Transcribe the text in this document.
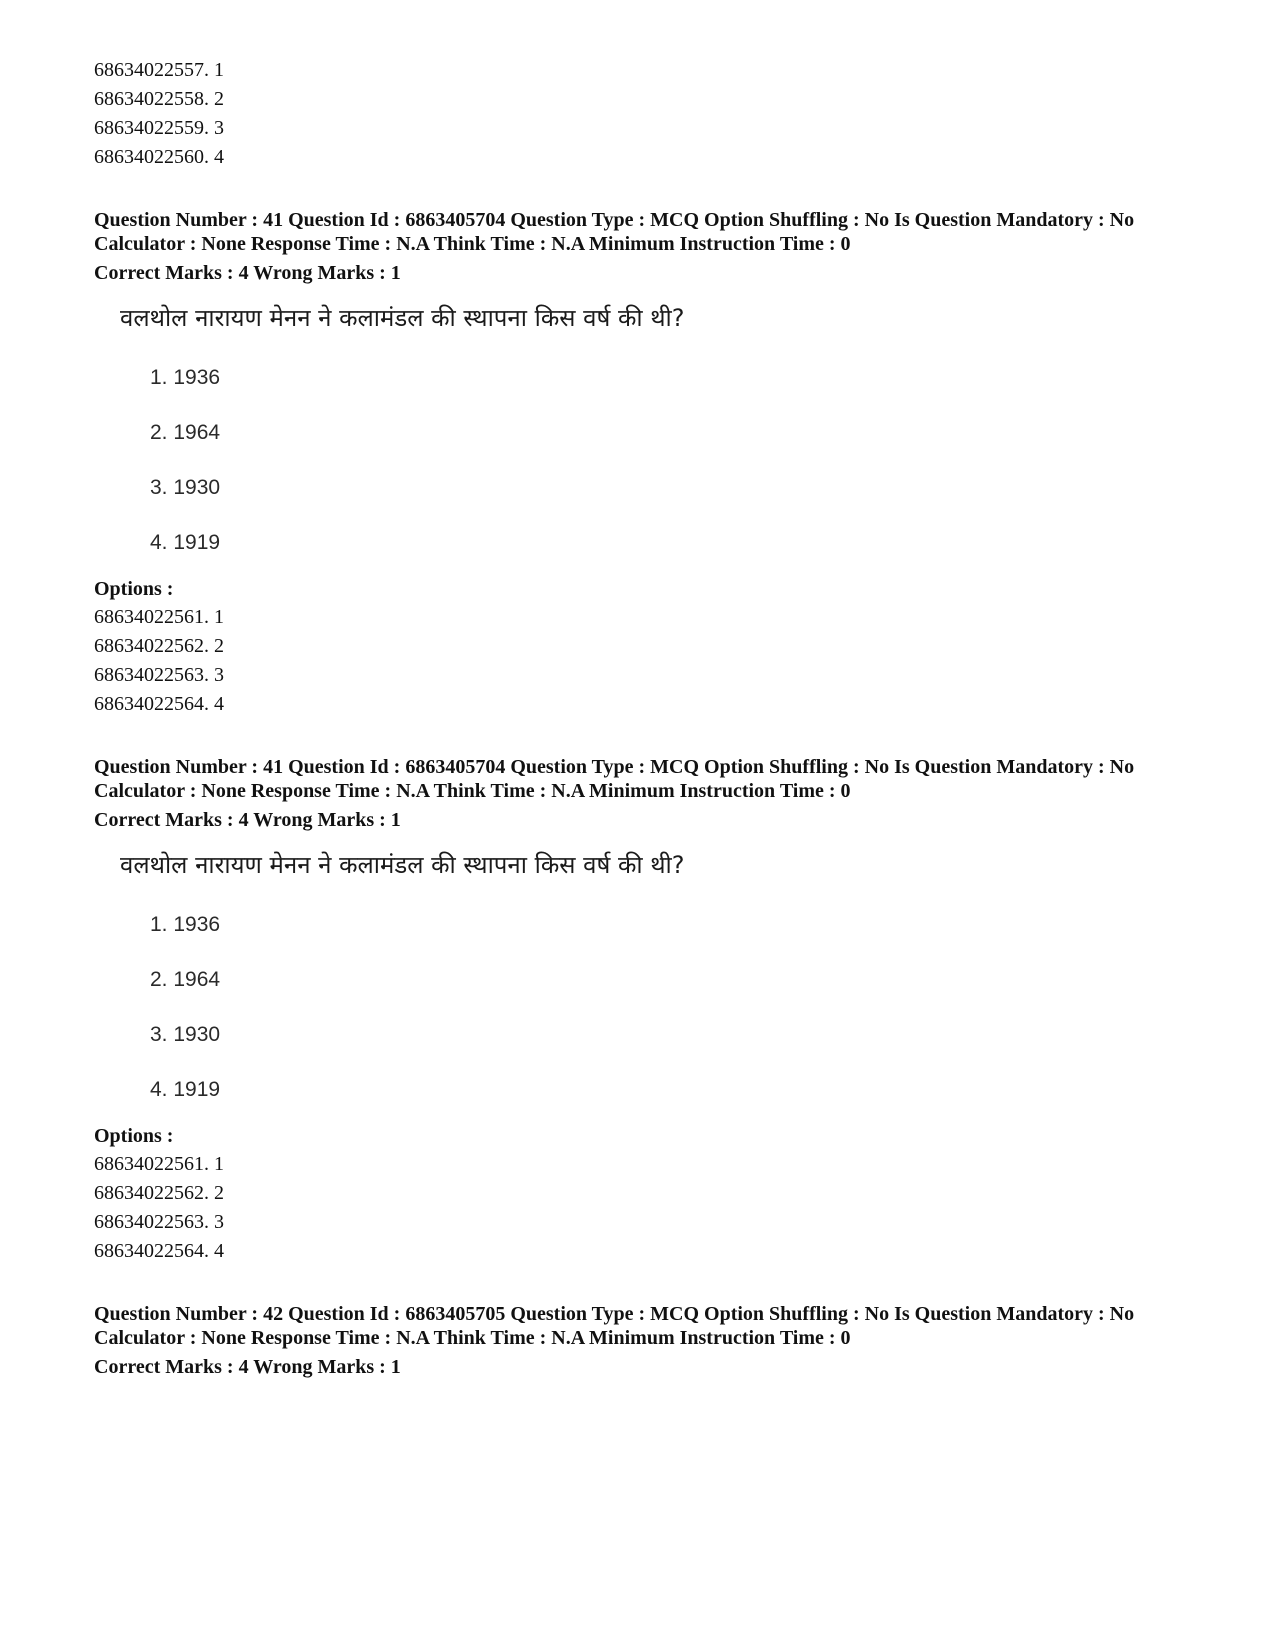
68634022557. 1
68634022558. 2
68634022559. 3
68634022560. 4
Question Number : 41 Question Id : 6863405704 Question Type : MCQ Option Shuffling : No Is Question Mandatory : No Calculator : None Response Time : N.A Think Time : N.A Minimum Instruction Time : 0
Correct Marks : 4 Wrong Marks : 1
वलथोल नारायण मेनन ने कलामंडल की स्थापना किस वर्ष की थी?
1. 1936
2. 1964
3. 1930
4. 1919
Options :
68634022561. 1
68634022562. 2
68634022563. 3
68634022564. 4
Question Number : 41 Question Id : 6863405704 Question Type : MCQ Option Shuffling : No Is Question Mandatory : No Calculator : None Response Time : N.A Think Time : N.A Minimum Instruction Time : 0
Correct Marks : 4 Wrong Marks : 1
वलथोल नारायण मेनन ने कलामंडल की स्थापना किस वर्ष की थी?
1. 1936
2. 1964
3. 1930
4. 1919
Options :
68634022561. 1
68634022562. 2
68634022563. 3
68634022564. 4
Question Number : 42 Question Id : 6863405705 Question Type : MCQ Option Shuffling : No Is Question Mandatory : No Calculator : None Response Time : N.A Think Time : N.A Minimum Instruction Time : 0
Correct Marks : 4 Wrong Marks : 1
